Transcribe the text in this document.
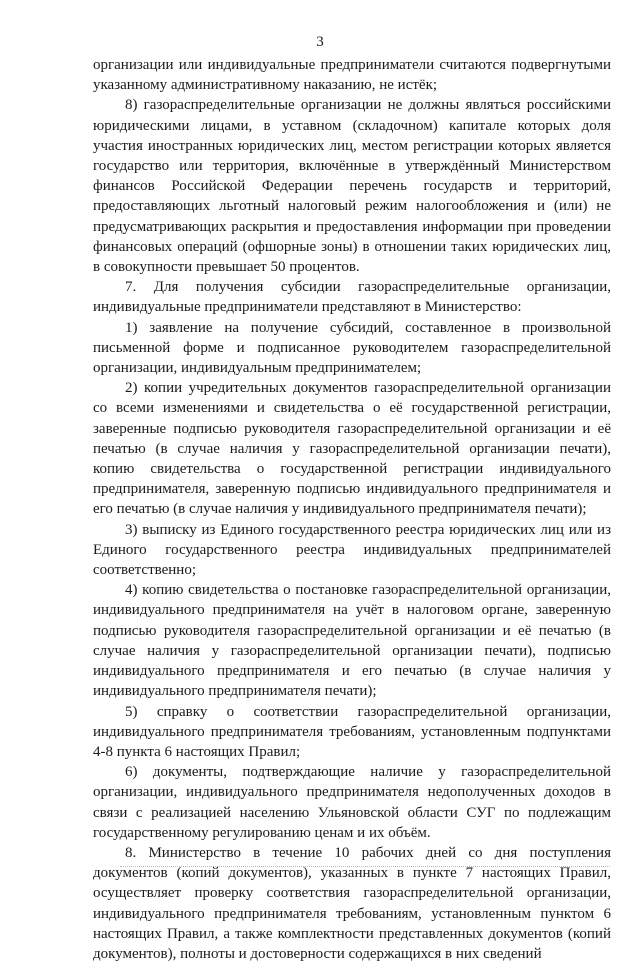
3

организации или индивидуальные предприниматели считаются подвергнутыми указанному административному наказанию, не истёк;

8) газораспределительные организации не должны являться российскими юридическими лицами, в уставном (складочном) капитале которых доля участия иностранных юридических лиц, местом регистрации которых является государство или территория, включённые в утверждённый Министерством финансов Российской Федерации перечень государств и территорий, предоставляющих льготный налоговый режим налогообложения и (или) не предусматривающих раскрытия и предоставления информации при проведении финансовых операций (офшорные зоны) в отношении таких юридических лиц, в совокупности превышает 50 процентов.

7. Для получения субсидии газораспределительные организации, индивидуальные предприниматели представляют в Министерство:

1) заявление на получение субсидий, составленное в произвольной письменной форме и подписанное руководителем газораспределительной организации, индивидуальным предпринимателем;

2) копии учредительных документов газораспределительной организации со всеми изменениями и свидетельства о её государственной регистрации, заверенные подписью руководителя газораспределительной организации и её печатью (в случае наличия у газораспределительной организации печати), копию свидетельства о государственной регистрации индивидуального предпринимателя, заверенную подписью индивидуального предпринимателя и его печатью (в случае наличия у индивидуального предпринимателя печати);

3) выписку из Единого государственного реестра юридических лиц или из Единого государственного реестра индивидуальных предпринимателей соответственно;

4) копию свидетельства о постановке газораспределительной организации, индивидуального предпринимателя на учёт в налоговом органе, заверенную подписью руководителя газораспределительной организации и её печатью (в случае наличия у газораспределительной организации печати), подписью индивидуального предпринимателя и его печатью (в случае наличия у индивидуального предпринимателя печати);

5) справку о соответствии газораспределительной организации, индивидуального предпринимателя требованиям, установленным подпунктами 4-8 пункта 6 настоящих Правил;

6) документы, подтверждающие наличие у газораспределительной организации, индивидуального предпринимателя недополученных доходов в связи с реализацией населению Ульяновской области СУГ по подлежащим государственному регулированию ценам и их объём.

8. Министерство в течение 10 рабочих дней со дня поступления документов (копий документов), указанных в пункте 7 настоящих Правил, осуществляет проверку соответствия газораспределительной организации, индивидуального предпринимателя требованиям, установленным пунктом 6 настоящих Правил, а также комплектности представленных документов (копий документов), полноты и достоверности содержащихся в них сведений
